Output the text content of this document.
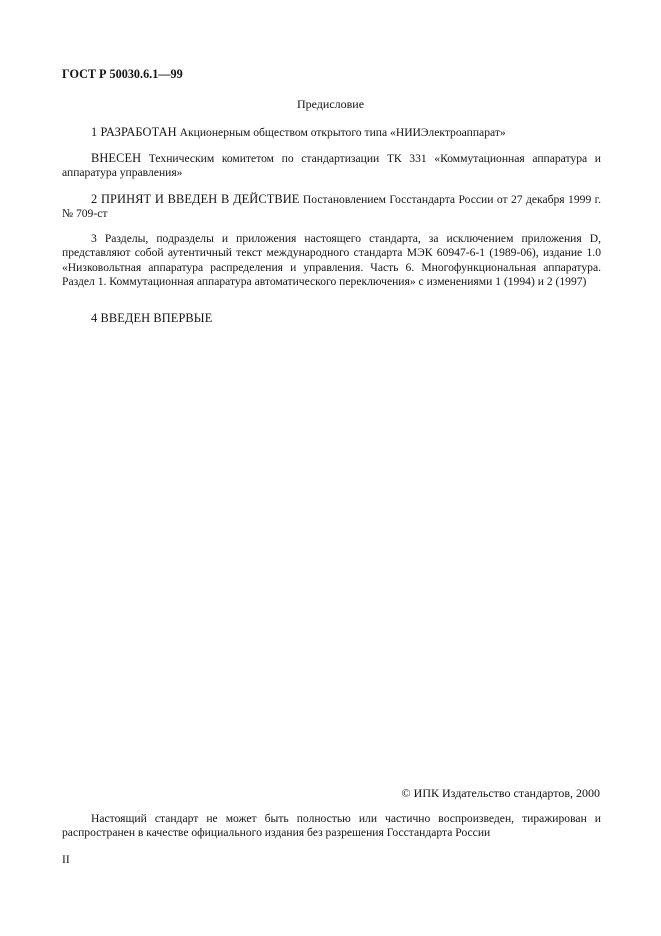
ГОСТ Р 50030.6.1—99
Предисловие
1 РАЗРАБОТАН Акционерным обществом открытого типа «НИИЭлектроаппарат»
ВНЕСЕН Техническим комитетом по стандартизации ТК 331 «Коммутационная аппаратура и аппаратура управления»
2 ПРИНЯТ И ВВЕДЕН В ДЕЙСТВИЕ Постановлением Госстандарта России от 27 декабря 1999 г. № 709-ст
3 Разделы, подразделы и приложения настоящего стандарта, за исключением приложения D, представляют собой аутентичный текст международного стандарта МЭК 60947-6-1 (1989-06), издание 1.0 «Низковольтная аппаратура распределения и управления. Часть 6. Многофункциональная аппаратура. Раздел 1. Коммутационная аппаратура автоматического переключения» с изменениями 1 (1994) и 2 (1997)
4 ВВЕДЕН ВПЕРВЫЕ
© ИПК Издательство стандартов, 2000
Настоящий стандарт не может быть полностью или частично воспроизведен, тиражирован и распространен в качестве официального издания без разрешения Госстандарта России
II
